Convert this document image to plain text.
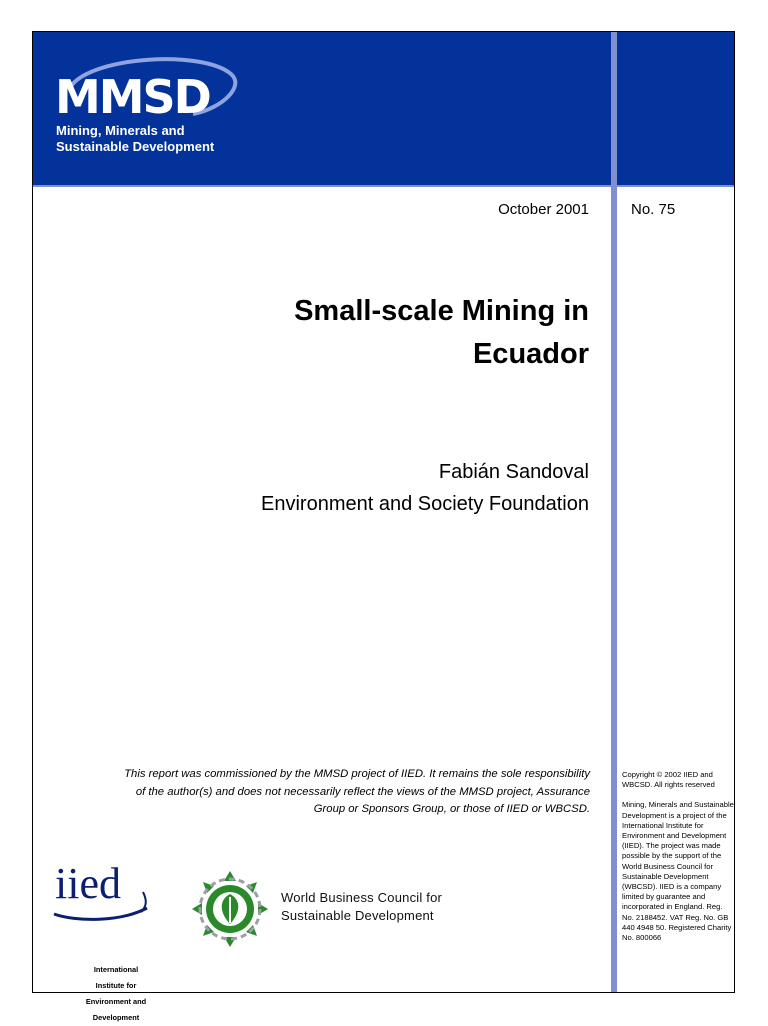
MMSD
Mining, Minerals and
Sustainable Development
October 2001	No. 75
Small-scale Mining in
Ecuador
Fabián Sandoval
Environment and Society Foundation
This report was commissioned by the MMSD project of IIED. It remains the sole responsibility of the author(s) and does not necessarily reflect the views of the MMSD project, Assurance Group or Sponsors Group, or those of IIED or WBCSD.

Copyright © 2002 IIED and WBCSD. All rights reserved

Mining, Minerals and Sustainable Development is a project of the International Institute for Environment and Development (IIED). The project was made possible by the support of the World Business Council for Sustainable Development (WBCSD). IIED is a company limited by guarantee and incorporated in England. Reg. No. 2188452. VAT Reg. No. GB 440 4948 50. Registered Charity No. 800066

iied
International
Institute for
Environment and
Development
World Business Council for
Sustainable Development
